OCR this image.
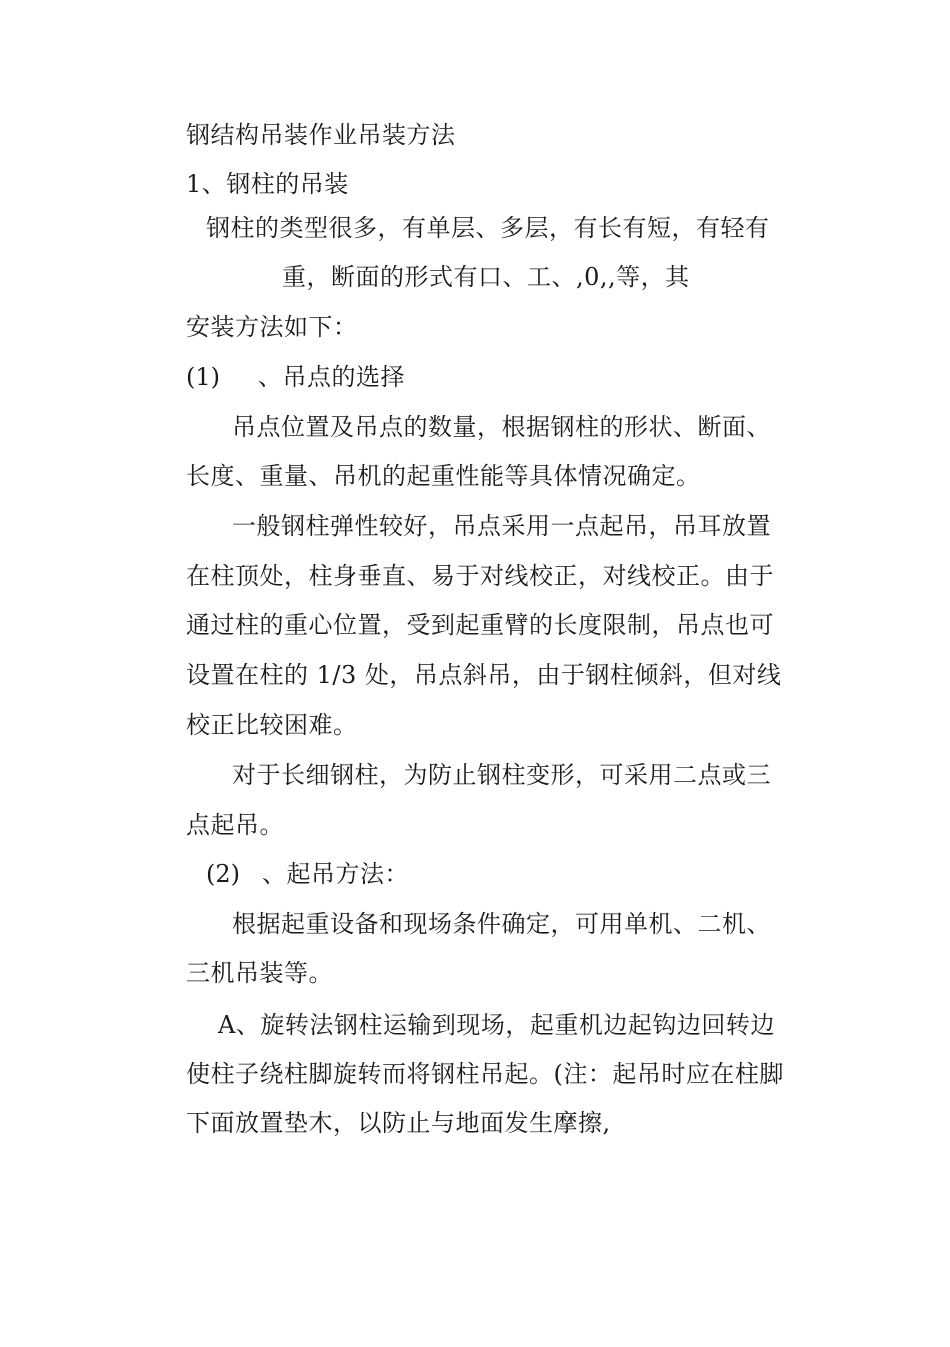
钢结构吊装作业吊装方法
1、钢柱的吊装
钢柱的类型很多，有单层、多层，有长有短，有轻有
重，断面的形式有口、工、,0,,等，其
安装方法如下：
(1) 、吊点的选择
吊点位置及吊点的数量，根据钢柱的形状、断面、
长度、重量、吊机的起重性能等具体情况确定。
一般钢柱弹性较好，吊点采用一点起吊，吊耳放置
在柱顶处，柱身垂直、易于对线校正，对线校正。由于
通过柱的重心位置，受到起重臂的长度限制，吊点也可
设置在柱的 1/3 处，吊点斜吊，由于钢柱倾斜，但对线
校正比较困难。
对于长细钢柱，为防止钢柱变形，可采用二点或三
点起吊。
(2) 、起吊方法：
根据起重设备和现场条件确定，可用单机、二机、
三机吊装等。
A、旋转法钢柱运输到现场，起重机边起钩边回转边
使柱子绕柱脚旋转而将钢柱吊起。(注：起吊时应在柱脚
下面放置垫木，以防止与地面发生摩擦,
